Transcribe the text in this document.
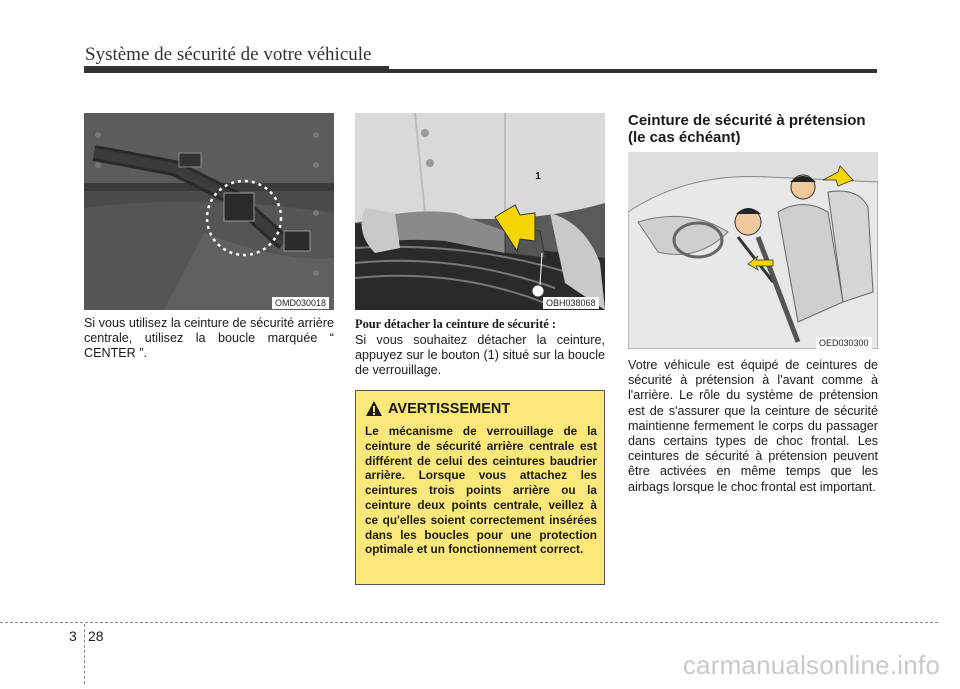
Système de sécurité de votre véhicule
OMD030018
1
OBH038068
OED030300
Si vous utilisez la ceinture de sécurité arrière centrale, utilisez la boucle marquée “ CENTER ”.
Pour détacher la ceinture de sécurité :
Si vous souhaitez détacher la ceinture, appuyez sur le bouton (1) situé sur la boucle de verrouillage.
AVERTISSEMENT
Le mécanisme de verrouillage de la ceinture de sécurité arrière centrale est différent de celui des ceintures baudrier arrière. Lorsque vous attachez les ceintures trois points arrière ou la ceinture deux points centrale, veillez à ce qu'elles soient correctement insérées dans les boucles pour une protection optimale et un fonctionnement correct.
Ceinture de sécurité à prétension (le cas échéant)
Votre véhicule est équipé de ceintures de sécurité à prétension à l'avant comme à l'arrière. Le rôle du système de prétension est de s'assurer que la ceinture de sécurité maintienne fermement le corps du passager dans certains types de choc frontal. Les ceintures de sécurité à prétension peuvent être activées en même temps que les airbags lorsque le choc frontal est important.
3 28
carmanualsonline.info
